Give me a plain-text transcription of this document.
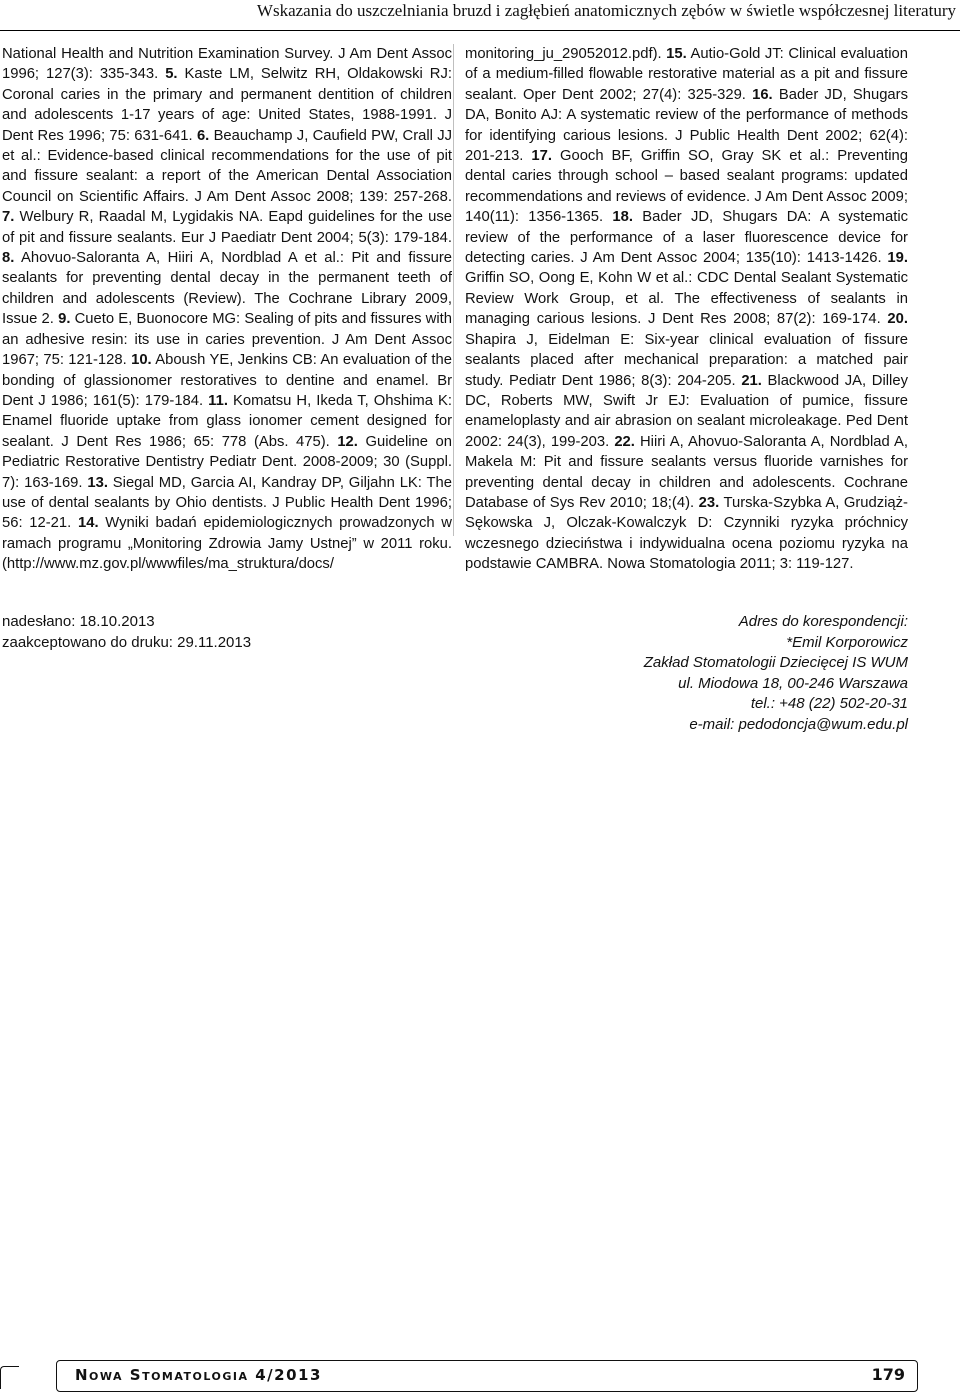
Wskazania do uszczelniania bruzd i zagłębień anatomicznych zębów w świetle współczesnej literatury

National Health and Nutrition Examination Survey. J Am Dent Assoc 1996; 127(3): 335-343. 5. Kaste LM, Selwitz RH, Oldakowski RJ: Coronal caries in the primary and permanent dentition of children and adolescents 1-17 years of age: United States, 1988-1991. J Dent Res 1996; 75: 631-641. 6. Beauchamp J, Caufield PW, Crall JJ et al.: Evidence-based clinical recommendations for the use of pit and fissure sealant: a report of the American Dental Association Council on Scientific Affairs. J Am Dent Assoc 2008; 139: 257-268. 7. Welbury R, Raadal M, Lygidakis NA. Eapd guidelines for the use of pit and fissure sealants. Eur J Paediatr Dent 2004; 5(3): 179-184. 8. Ahovuo-Saloranta A, Hiiri A, Nordblad A et al.: Pit and fissure sealants for preventing dental decay in the permanent teeth of children and adolescents (Review). The Cochrane Library 2009, Issue 2. 9. Cueto E, Buonocore MG: Sealing of pits and fissures with an adhesive resin: its use in caries prevention. J Am Dent Assoc 1967; 75: 121-128. 10. Aboush YE, Jenkins CB: An evaluation of the bonding of glassionomer restoratives to dentine and enamel. Br Dent J 1986; 161(5): 179-184. 11. Komatsu H, Ikeda T, Ohshima K: Enamel fluoride uptake from glass ionomer cement designed for sealant. J Dent Res 1986; 65: 778 (Abs. 475). 12. Guideline on Pediatric Restorative Dentistry Pediatr Dent. 2008-2009; 30 (Suppl. 7): 163-169. 13. Siegal MD, Garcia AI, Kandray DP, Giljahn LK: The use of dental sealants by Ohio dentists. J Public Health Dent 1996; 56: 12-21. 14. Wyniki badań epidemiologicznych prowadzonych w ramach programu „Monitoring Zdrowia Jamy Ustnej” w 2011 roku. (http://www.mz.gov.pl/wwwfiles/ma_struktura/docs/

monitoring_ju_29052012.pdf). 15. Autio-Gold JT: Clinical evaluation of a medium-filled flowable restorative material as a pit and fissure sealant. Oper Dent 2002; 27(4): 325-329. 16. Bader JD, Shugars DA, Bonito AJ: A systematic review of the performance of methods for identifying carious lesions. J Public Health Dent 2002; 62(4): 201-213. 17. Gooch BF, Griffin SO, Gray SK et al.: Preventing dental caries through school – based sealant programs: updated recommendations and reviews of evidence. J Am Dent Assoc 2009; 140(11): 1356-1365. 18. Bader JD, Shugars DA: A systematic review of the performance of a laser fluorescence device for detecting caries. J Am Dent Assoc 2004; 135(10): 1413-1426. 19. Griffin SO, Oong E, Kohn W et al.: CDC Dental Sealant Systematic Review Work Group, et al. The effectiveness of sealants in managing carious lesions. J Dent Res 2008; 87(2): 169-174. 20. Shapira J, Eidelman E: Six-year clinical evaluation of fissure sealants placed after mechanical preparation: a matched pair study. Pediatr Dent 1986; 8(3): 204-205. 21. Blackwood JA, Dilley DC, Roberts MW, Swift Jr EJ: Evaluation of pumice, fissure enameloplasty and air abrasion on sealant microleakage. Ped Dent 2002: 24(3), 199-203. 22. Hiiri A, Ahovuo-Saloranta A, Nordblad A, Makela M: Pit and fissure sealants versus fluoride varnishes for preventing dental decay in children and adolescents. Cochrane Database of Sys Rev 2010; 18;(4). 23. Turska-Szybka A, Grudziąż-Sękowska J, Olczak-Kowalczyk D: Czynniki ryzyka próchnicy wczesnego dzieciństwa i indywidualna ocena poziomu ryzyka na podstawie CAMBRA. Nowa Stomatologia 2011; 3: 119-127.

nadesłano: 18.10.2013
zaakceptowano do druku: 29.11.2013
Adres do korespondencji:
*Emil Korporowicz
Zakład Stomatologii Dziecięcej IS WUM
ul. Miodowa 18, 00-246 Warszawa
tel.: +48 (22) 502-20-31
e-mail: pedodoncja@wum.edu.pl
Nowa Stomatologia 4/2013	179
